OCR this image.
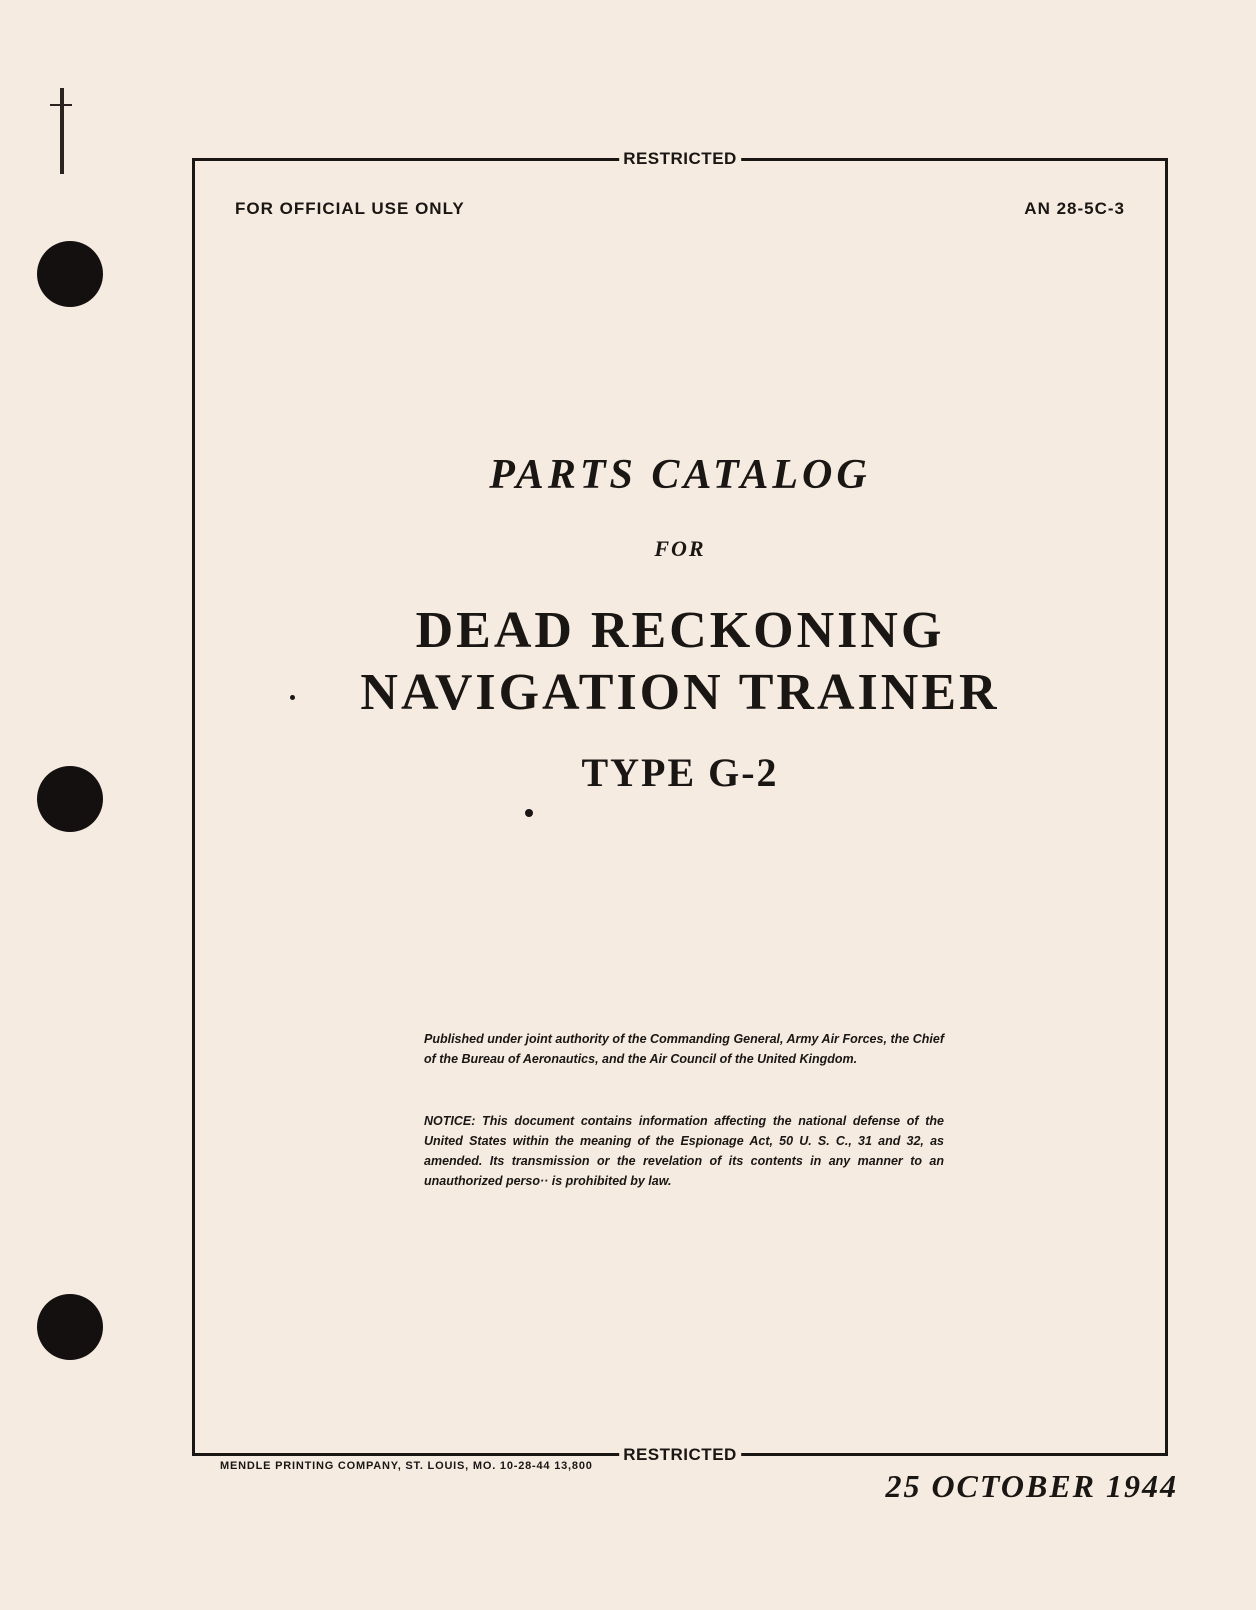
RESTRICTED
FOR OFFICIAL USE ONLY	AN 28-5C-3
PARTS CATALOG
FOR
DEAD RECKONING
NAVIGATION TRAINER
TYPE G-2
Published under joint authority of the Commanding General, Army Air Forces, the Chief of the Bureau of Aeronautics, and the Air Council of the United Kingdom.
NOTICE: This document contains information affecting the national defense of the United States within the meaning of the Espionage Act, 50 U. S. C., 31 and 32, as amended. Its transmission or the revelation of its contents in any manner to an unauthorized perso·· is prohibited by law.
RESTRICTED
MENDLE PRINTING COMPANY, ST. LOUIS, MO. 10-28-44 13,800
25 OCTOBER 1944
